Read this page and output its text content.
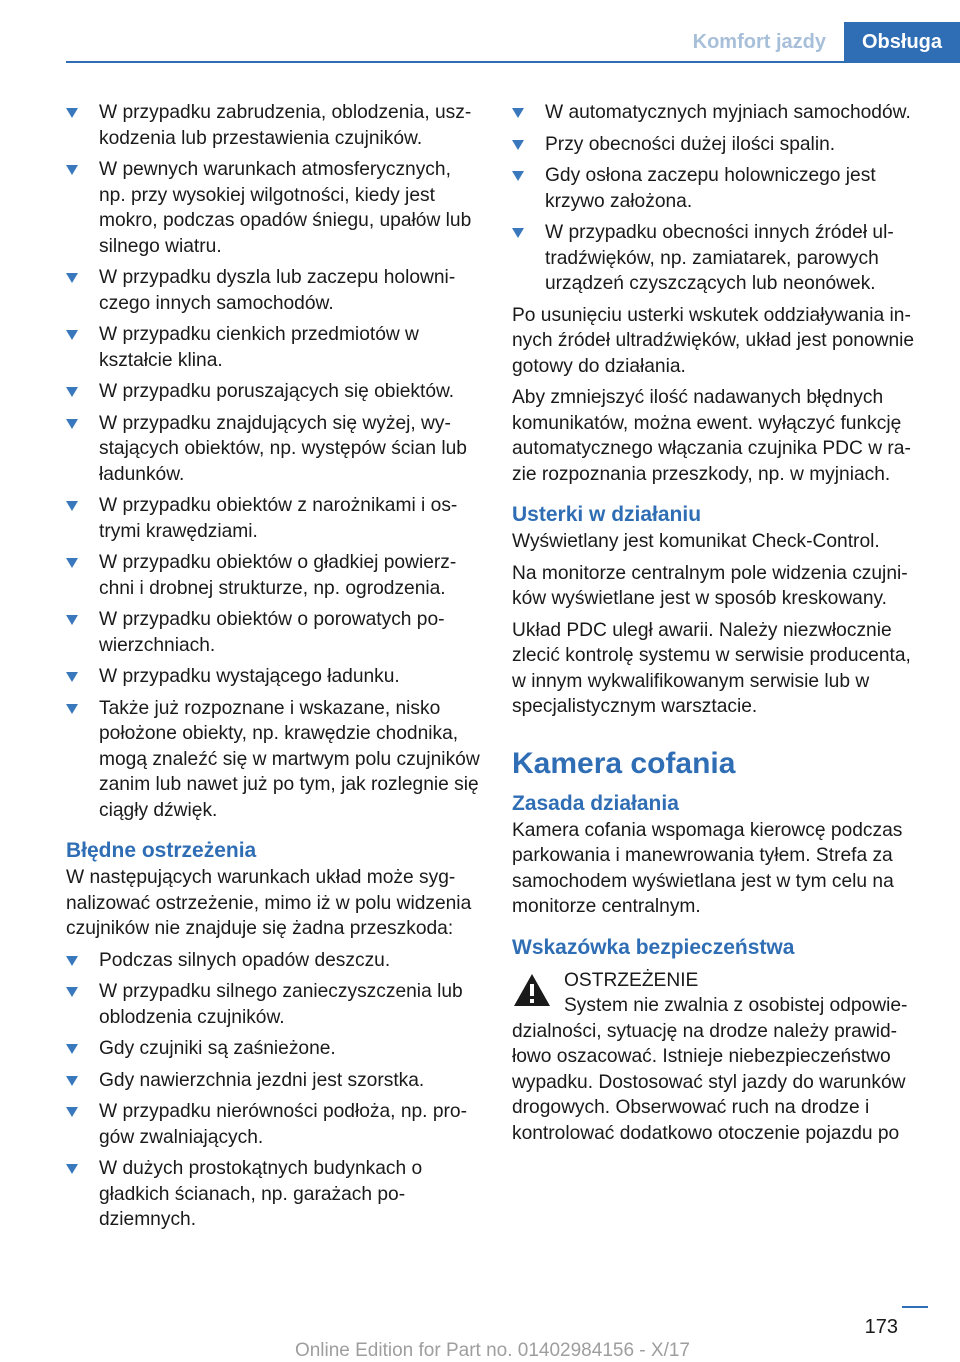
Komfort jazdy	Obsługa
W przypadku zabrudzenia, oblodzenia, uszkodzenia lub przestawienia czujników.
W pewnych warunkach atmosferycznych, np. przy wysokiej wilgotności, kiedy jest mokro, podczas opadów śniegu, upałów lub silnego wiatru.
W przypadku dyszla lub zaczepu holowniczego innych samochodów.
W przypadku cienkich przedmiotów w kształcie klina.
W przypadku poruszających się obiektów.
W przypadku znajdujących się wyżej, wystających obiektów, np. występów ścian lub ładunków.
W przypadku obiektów z narożnikami i ostrymi krawędziami.
W przypadku obiektów o gładkiej powierzchni i drobnej strukturze, np. ogrodzenia.
W przypadku obiektów o porowatych powierzchniach.
W przypadku wystającego ładunku.
Także już rozpoznane i wskazane, nisko położone obiekty, np. krawędzie chodnika, mogą znaleźć się w martwym polu czujników zanim lub nawet już po tym, jak rozlegnie się ciągły dźwięk.
Błędne ostrzeżenia

W następujących warunkach układ może sygnalizować ostrzeżenie, mimo iż w polu widzenia czujników nie znajduje się żadna przeszkoda:

Podczas silnych opadów deszczu.
W przypadku silnego zanieczyszczenia lub oblodzenia czujników.
Gdy czujniki są zaśnieżone.
Gdy nawierzchnia jezdni jest szorstka.
W przypadku nierówności podłoża, np. progów zwalniających.
W dużych prostokątnych budynkach o gładkich ścianach, np. garażach podziemnych.
W automatycznych myjniach samochodów.
Przy obecności dużej ilości spalin.
Gdy osłona zaczepu holowniczego jest krzywo założona.
W przypadku obecności innych źródeł ultradźwięków, np. zamiatarek, parowych urządzeń czyszczących lub neonówek.

Po usunięciu usterki wskutek oddziaływania innych źródeł ultradźwięków, układ jest ponownie gotowy do działania.

Aby zmniejszyć ilość nadawanych błędnych komunikatów, można ewent. wyłączyć funkcję automatycznego włączania czujnika PDC w razie rozpoznania przeszkody, np. w myjniach.

Usterki w działaniu

Wyświetlany jest komunikat Check-Control.

Na monitorze centralnym pole widzenia czujników wyświetlane jest w sposób kreskowany.

Układ PDC uległ awarii. Należy niezwłocznie zlecić kontrolę systemu w serwisie producenta, w innym wykwalifikowanym serwisie lub w specjalistycznym warsztacie.

Kamera cofania
Zasada działania

Kamera cofania wspomaga kierowcę podczas parkowania i manewrowania tyłem. Strefa za samochodem wyświetlana jest w tym celu na monitorze centralnym.

Wskazówka bezpieczeństwa
OSTRZEŻENIE
System nie zwalnia z osobistej odpowiedzialności, sytuację na drodze należy prawidłowo oszacować. Istnieje niebezpieczeństwo wypadku. Dostosować styl jazdy do warunków drogowych. Obserwować ruch na drodze i kontrolować dodatkowo otoczenie pojazdu po
173
Online Edition for Part no. 01402984156 - X/17
